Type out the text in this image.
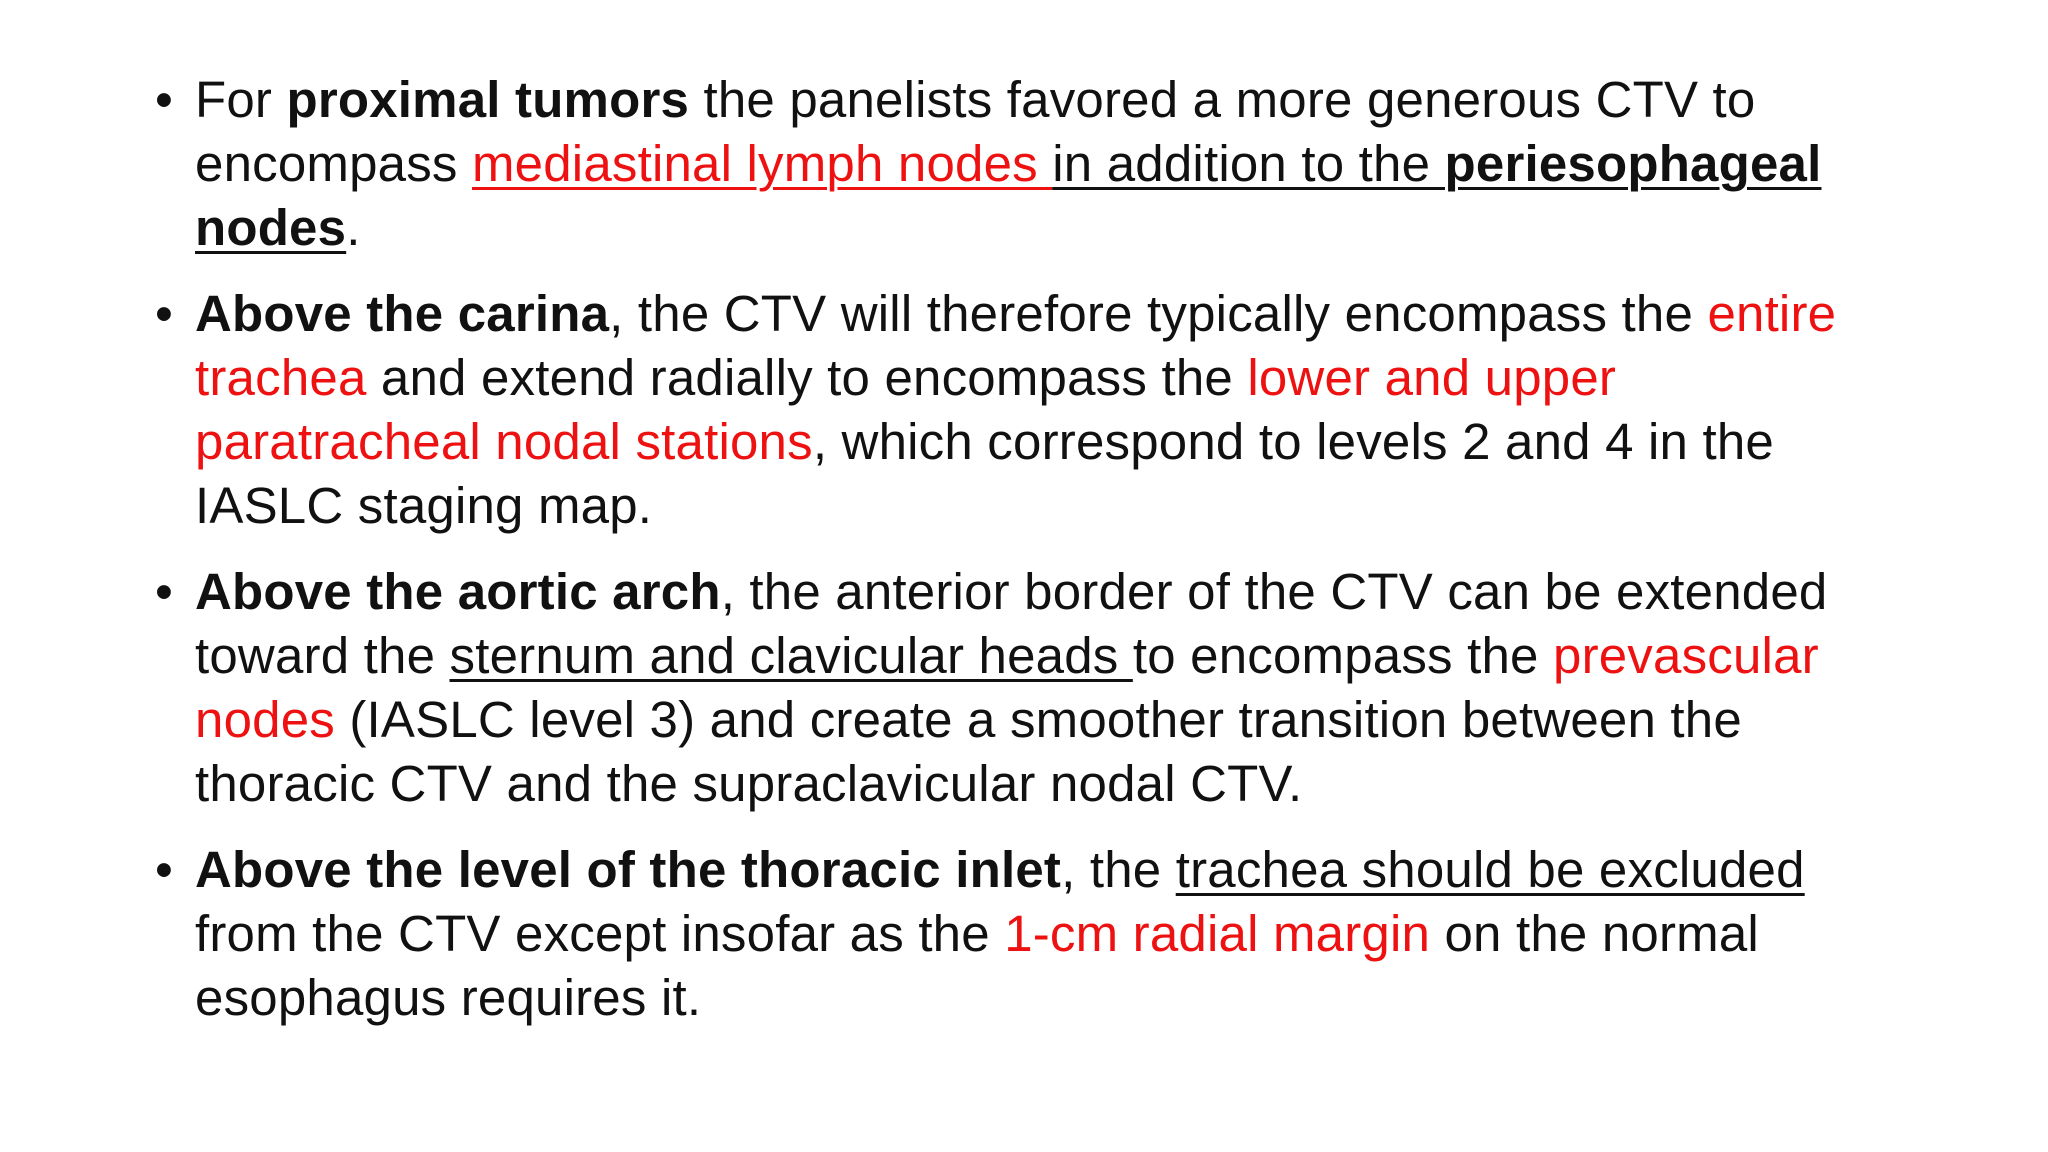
• For proximal tumors the panelists favored a more generous CTV to encompass mediastinal lymph nodes in addition to the periesophageal nodes.
• Above the carina, the CTV will therefore typically encompass the entire trachea and extend radially to encompass the lower and upper paratracheal nodal stations, which correspond to levels 2 and 4 in the IASLC staging map.
• Above the aortic arch, the anterior border of the CTV can be extended toward the sternum and clavicular heads to encompass the prevascular nodes (IASLC level 3) and create a smoother transition between the thoracic CTV and the supraclavicular nodal CTV.
• Above the level of the thoracic inlet, the trachea should be excluded from the CTV except insofar as the 1-cm radial margin on the normal esophagus requires it.
